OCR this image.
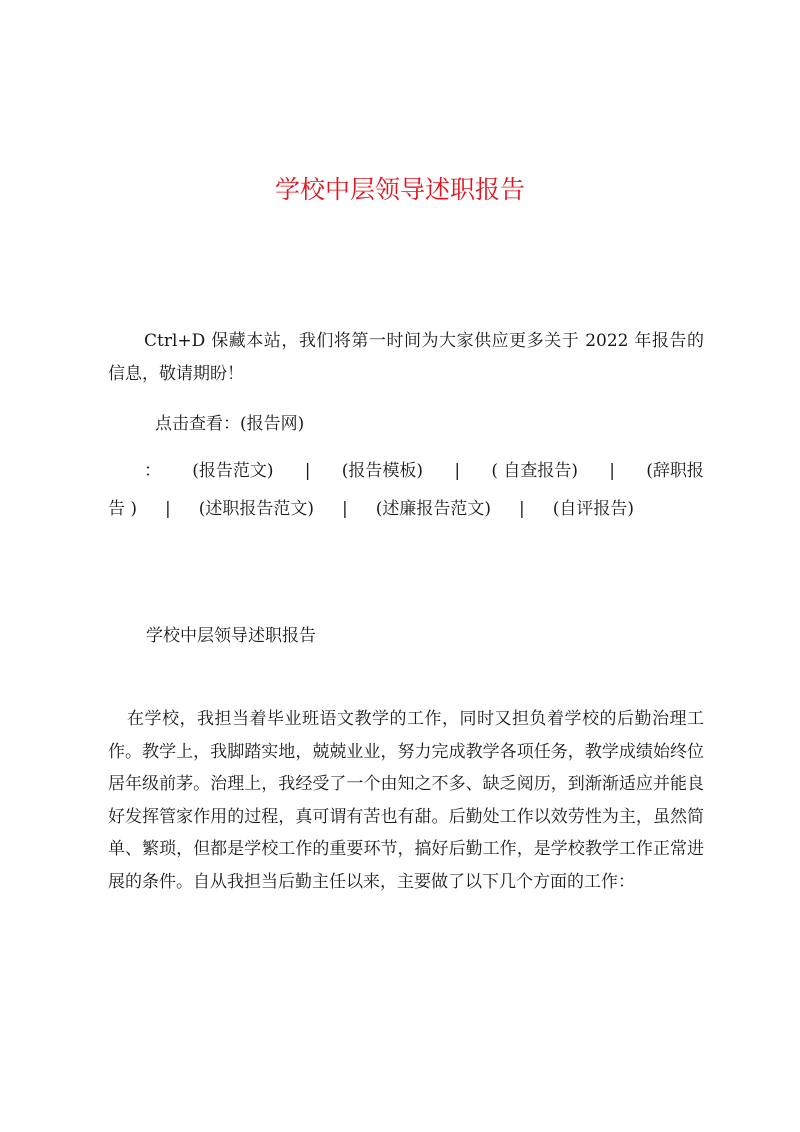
学校中层领导述职报告

Ctrl+D 保藏本站，我们将第一时间为大家供应更多关于 2022 年报告的信息，敬请期盼！

点击查看：(报告网)
： (报告范文) | (报告模板) | ( 自查报告) | (辞职报
告 ) | (述职报告范文) | (述廉报告范文) | (自评报告)
学校中层领导述职报告

在学校，我担当着毕业班语文教学的工作，同时又担负着学校的后勤治理工作。教学上，我脚踏实地，兢兢业业，努力完成教学各项任务，教学成绩始终位居年级前茅。治理上，我经受了一个由知之不多、缺乏阅历，到渐渐适应并能良好发挥管家作用的过程，真可谓有苦也有甜。后勤处工作以效劳性为主，虽然简单、繁琐，但都是学校工作的重要环节，搞好后勤工作，是学校教学工作正常进展的条件。自从我担当后勤主任以来，主要做了以下几个方面的工作：
